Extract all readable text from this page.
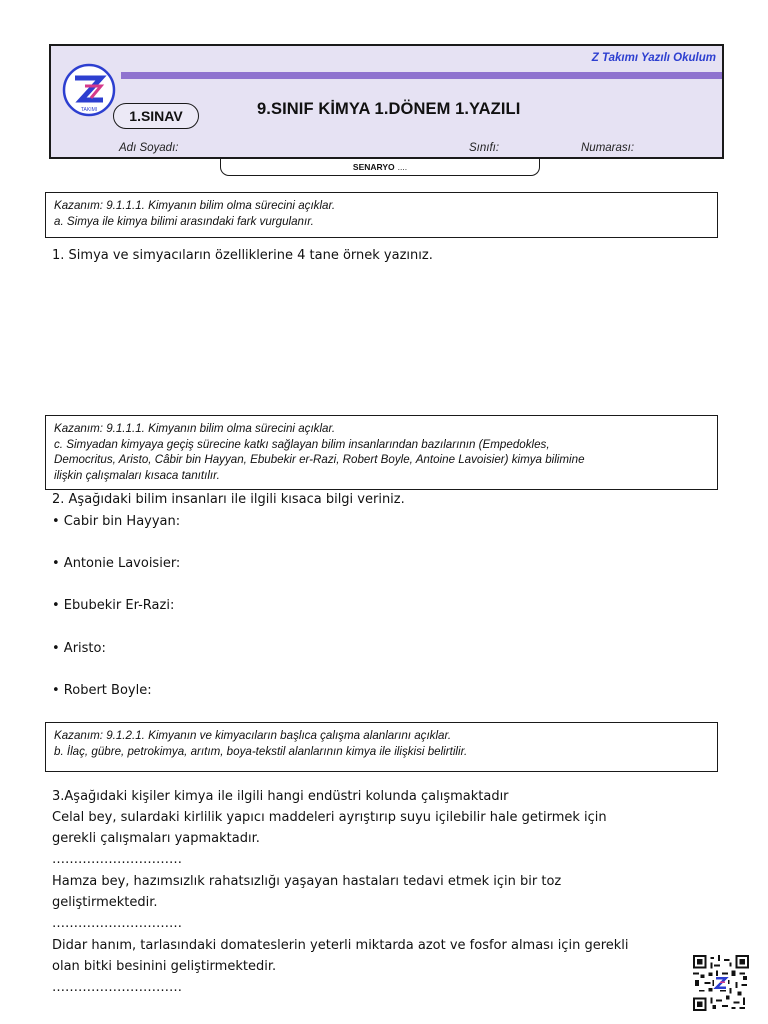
Z Takımı Yazılı Okulum
TAKIMI	1.SINAV	9.SINIF KİMYA 1.DÖNEM 1.YAZILI
Adı Soyadı:	Sınıfı:	Numarası:
SENARYO ....
Kazanım: 9.1.1.1. Kimyanın bilim olma sürecini açıklar.
a. Simya ile kimya bilimi arasındaki fark vurgulanır.
1. Simya ve simyacıların özelliklerine 4 tane örnek yazınız.
Kazanım: 9.1.1.1. Kimyanın bilim olma sürecini açıklar.
c. Simyadan kimyaya geçiş sürecine katkı sağlayan bilim insanlarından bazılarının (Empedokles,
Democritus, Aristo, Câbir bin Hayyan, Ebubekir er-Razi, Robert Boyle, Antoine Lavoisier) kimya bilimine
ilişkin çalışmaları kısaca tanıtılır.
2. Aşağıdaki bilim insanları ile ilgili kısaca bilgi veriniz.
• Cabir bin Hayyan:
• Antonie Lavoisier:
• Ebubekir Er-Razi:
• Aristo:
• Robert Boyle:
Kazanım: 9.1.2.1. Kimyanın ve kimyacıların başlıca çalışma alanlarını açıklar.
b. İlaç, gübre, petrokimya, arıtım, boya-tekstil alanlarının kimya ile ilişkisi belirtilir.
3.Aşağıdaki kişiler kimya ile ilgili hangi endüstri kolunda çalışmaktadır
Celal bey, sulardaki kirlilik yapıcı maddeleri ayrıştırıp suyu içilebilir hale getirmek için
gerekli çalışmaları yapmaktadır.
…………………………
Hamza bey, hazımsızlık rahatsızlığı yaşayan hastaları tedavi etmek için bir toz
geliştirmektedir.
…………………………
Didar hanım, tarlasındaki domateslerin yeterli miktarda azot ve fosfor alması için gerekli
olan bitki besinini geliştirmektedir.
…………………………
